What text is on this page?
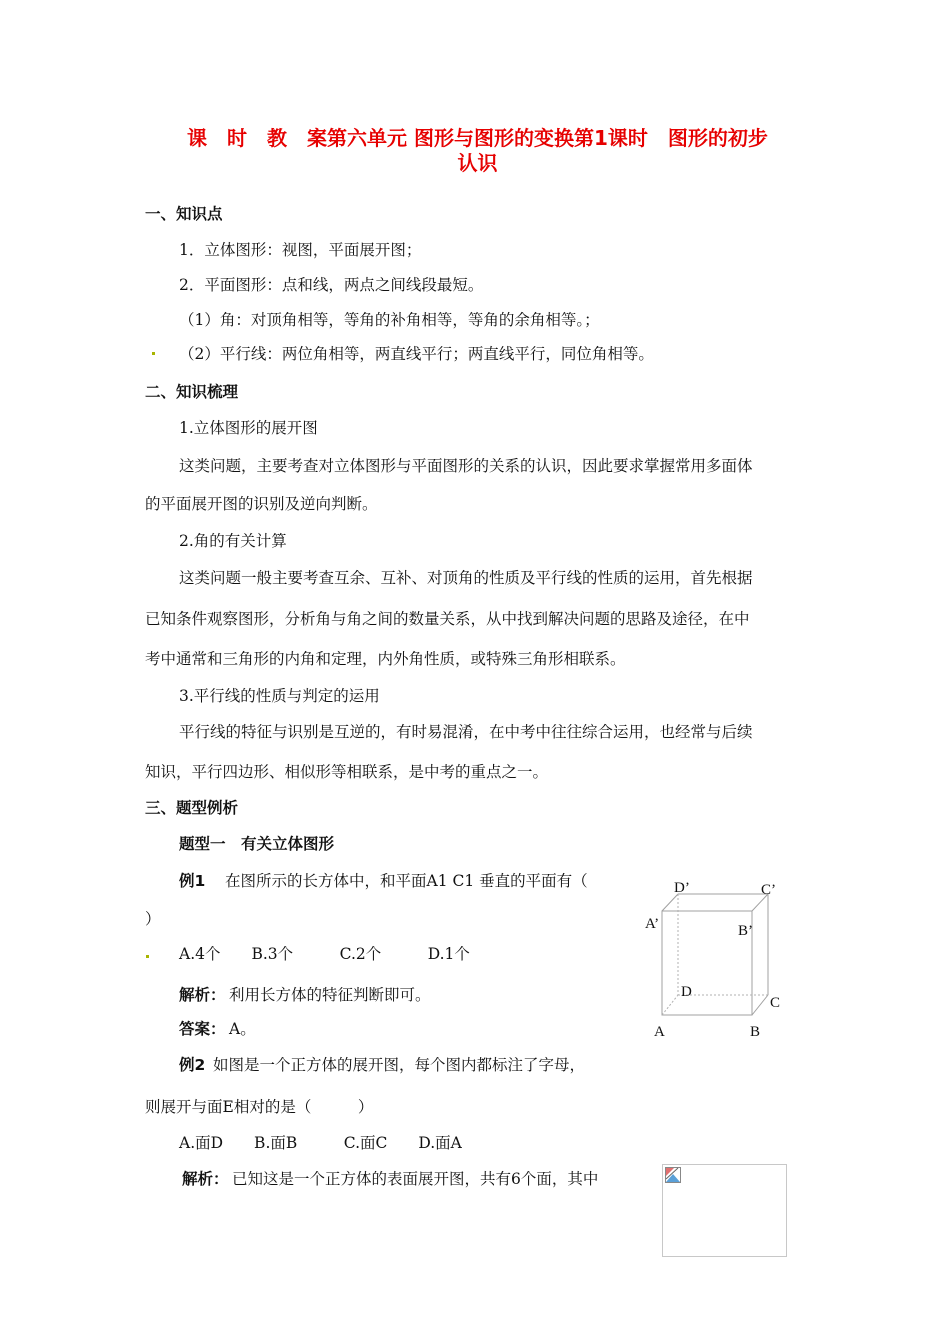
课　时　教　案第六单元 图形与图形的变换第1课时　图形的初步
认识
一、知识点
1．立体图形：视图，平面展开图；
2．平面图形：点和线，两点之间线段最短。
（1）角：对顶角相等，等角的补角相等，等角的余角相等。；
（2）平行线：两位角相等，两直线平行；两直线平行，同位角相等。
二、知识梳理
1.立体图形的展开图
这类问题，主要考查对立体图形与平面图形的关系的认识，因此要求掌握常用多面体
的平面展开图的识别及逆向判断。
2.角的有关计算
这类问题一般主要考查互余、互补、对顶角的性质及平行线的性质的运用，首先根据
已知条件观察图形，分析角与角之间的数量关系，从中找到解决问题的思路及途径，在中
考中通常和三角形的内角和定理，内外角性质，或特殊三角形相联系。
3.平行线的性质与判定的运用
平行线的特征与识别是互逆的，有时易混淆，在中考中往往综合运用，也经常与后续
知识，平行四边形、相似形等相联系，是中考的重点之一。
三、题型例析
题型一　有关立体图形
例1 在图所示的长方体中，和平面A1 C1 垂直的平面有（
）
A.4个　　B.3个　　　C.2个　　　D.1个
解析： 利用长方体的特征判断即可。
答案： A。
例2 如图是一个正方体的展开图，每个图内都标注了字母，
则展开与面E相对的是（　　　）
A.面D　　B.面B　　　C.面C　　D.面A
解析： 已知这是一个正方体的表面展开图，共有6个面，其中
D’	C’
A’	B’
D
C
A	B
